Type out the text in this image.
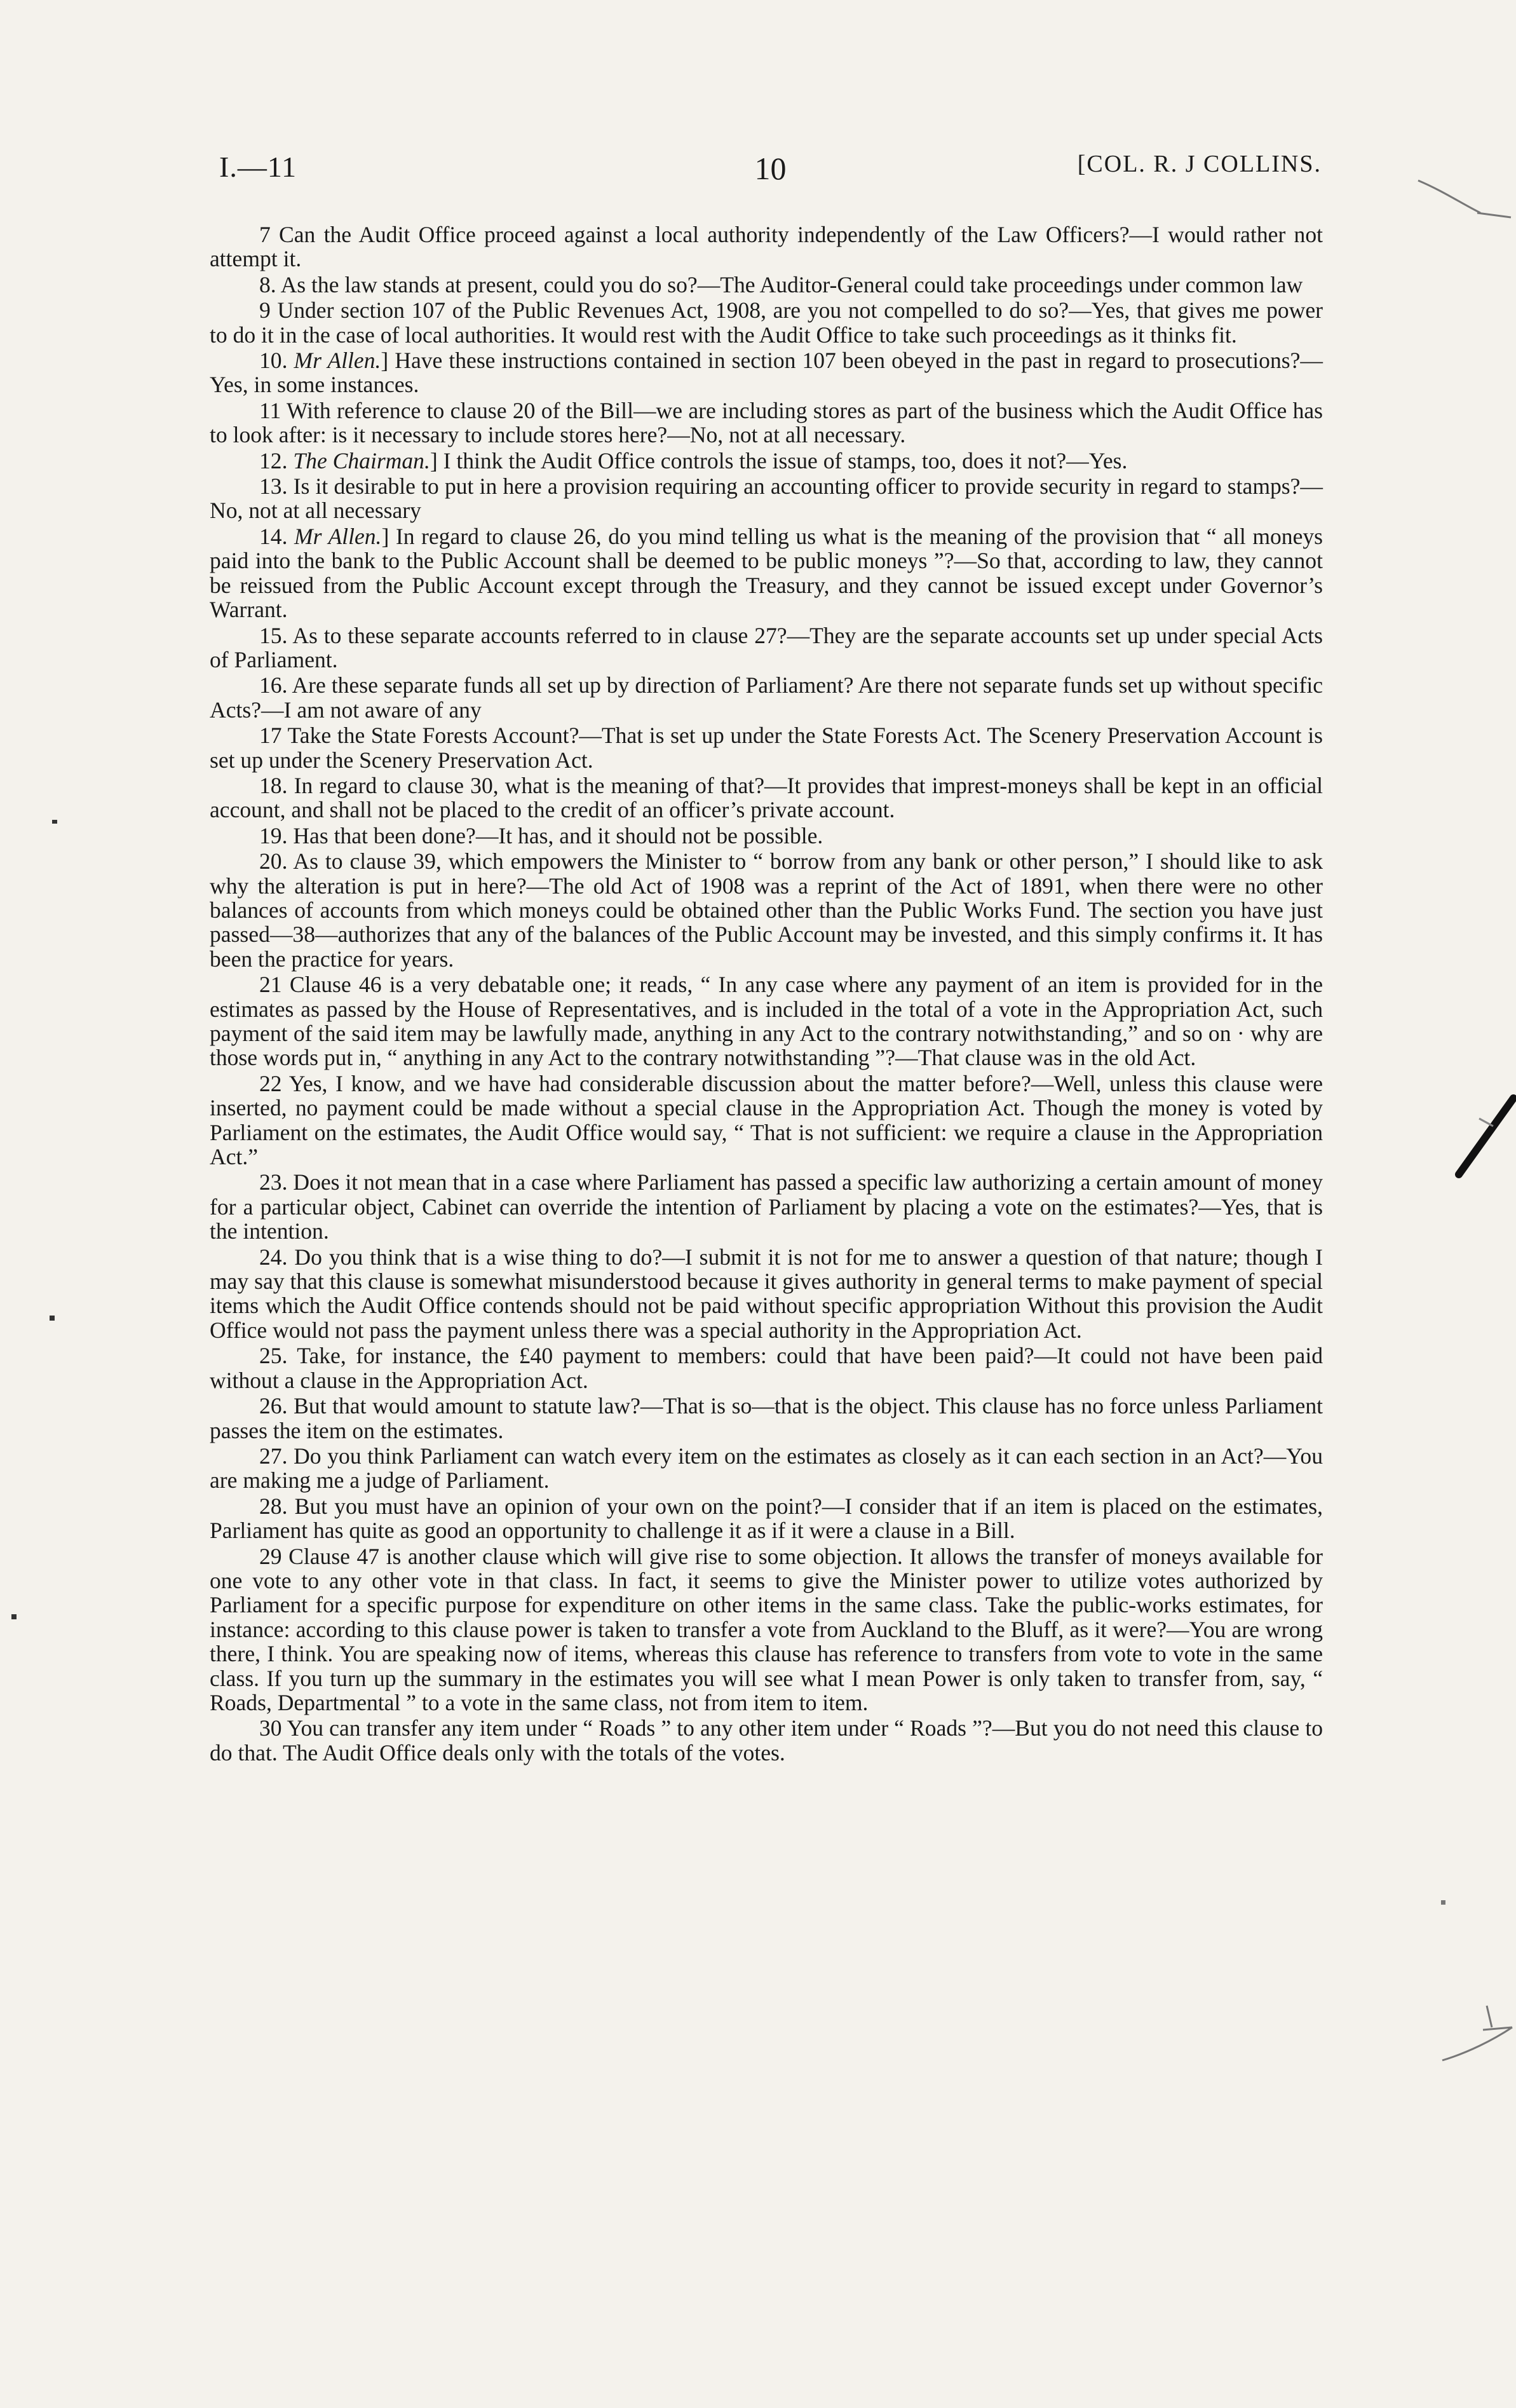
I.—11	10	[COL. R. J COLLINS.

7 Can the Audit Office proceed against a local authority independently of the Law Officers?—I would rather not attempt it.

8. As the law stands at present, could you do so?—The Auditor-General could take proceedings under common law

9 Under section 107 of the Public Revenues Act, 1908, are you not compelled to do so?—Yes, that gives me power to do it in the case of local authorities. It would rest with the Audit Office to take such proceedings as it thinks fit.

10. Mr Allen.] Have these instructions contained in section 107 been obeyed in the past in regard to prosecutions?—Yes, in some instances.

11 With reference to clause 20 of the Bill—we are including stores as part of the business which the Audit Office has to look after: is it necessary to include stores here?—No, not at all necessary.

12. The Chairman.] I think the Audit Office controls the issue of stamps, too, does it not?—Yes.

13. Is it desirable to put in here a provision requiring an accounting officer to provide security in regard to stamps?—No, not at all necessary

14. Mr Allen.] In regard to clause 26, do you mind telling us what is the meaning of the provision that “ all moneys paid into the bank to the Public Account shall be deemed to be public moneys ”?—So that, according to law, they cannot be reissued from the Public Account except through the Treasury, and they cannot be issued except under Governor’s Warrant.

15. As to these separate accounts referred to in clause 27?—They are the separate accounts set up under special Acts of Parliament.

16. Are these separate funds all set up by direction of Parliament? Are there not separate funds set up without specific Acts?—I am not aware of any

17 Take the State Forests Account?—That is set up under the State Forests Act. The Scenery Preservation Account is set up under the Scenery Preservation Act.

18. In regard to clause 30, what is the meaning of that?—It provides that imprest-moneys shall be kept in an official account, and shall not be placed to the credit of an officer’s private account.

19. Has that been done?—It has, and it should not be possible.

20. As to clause 39, which empowers the Minister to “ borrow from any bank or other person,” I should like to ask why the alteration is put in here?—The old Act of 1908 was a reprint of the Act of 1891, when there were no other balances of accounts from which moneys could be obtained other than the Public Works Fund. The section you have just passed—38—authorizes that any of the balances of the Public Account may be invested, and this simply confirms it. It has been the practice for years.

21 Clause 46 is a very debatable one; it reads, “ In any case where any payment of an item is provided for in the estimates as passed by the House of Representatives, and is included in the total of a vote in the Appropriation Act, such payment of the said item may be lawfully made, anything in any Act to the contrary notwithstanding,” and so on · why are those words put in, “ anything in any Act to the contrary notwithstanding ”?—That clause was in the old Act.

22 Yes, I know, and we have had considerable discussion about the matter before?—Well, unless this clause were inserted, no payment could be made without a special clause in the Appropriation Act. Though the money is voted by Parliament on the estimates, the Audit Office would say, “ That is not sufficient: we require a clause in the Appropriation Act.”

23. Does it not mean that in a case where Parliament has passed a specific law authorizing a certain amount of money for a particular object, Cabinet can override the intention of Parliament by placing a vote on the estimates?—Yes, that is the intention.

24. Do you think that is a wise thing to do?—I submit it is not for me to answer a question of that nature; though I may say that this clause is somewhat misunderstood because it gives authority in general terms to make payment of special items which the Audit Office contends should not be paid without specific appropriation Without this provision the Audit Office would not pass the payment unless there was a special authority in the Appropriation Act.

25. Take, for instance, the £40 payment to members: could that have been paid?—It could not have been paid without a clause in the Appropriation Act.

26. But that would amount to statute law?—That is so—that is the object. This clause has no force unless Parliament passes the item on the estimates.

27. Do you think Parliament can watch every item on the estimates as closely as it can each section in an Act?—You are making me a judge of Parliament.

28. But you must have an opinion of your own on the point?—I consider that if an item is placed on the estimates, Parliament has quite as good an opportunity to challenge it as if it were a clause in a Bill.

29 Clause 47 is another clause which will give rise to some objection. It allows the transfer of moneys available for one vote to any other vote in that class. In fact, it seems to give the Minister power to utilize votes authorized by Parliament for a specific purpose for expenditure on other items in the same class. Take the public-works estimates, for instance: according to this clause power is taken to transfer a vote from Auckland to the Bluff, as it were?—You are wrong there, I think. You are speaking now of items, whereas this clause has reference to transfers from vote to vote in the same class. If you turn up the summary in the estimates you will see what I mean Power is only taken to transfer from, say, “ Roads, Departmental ” to a vote in the same class, not from item to item.

30 You can transfer any item under “ Roads ” to any other item under “ Roads ”?—But you do not need this clause to do that. The Audit Office deals only with the totals of the votes.
